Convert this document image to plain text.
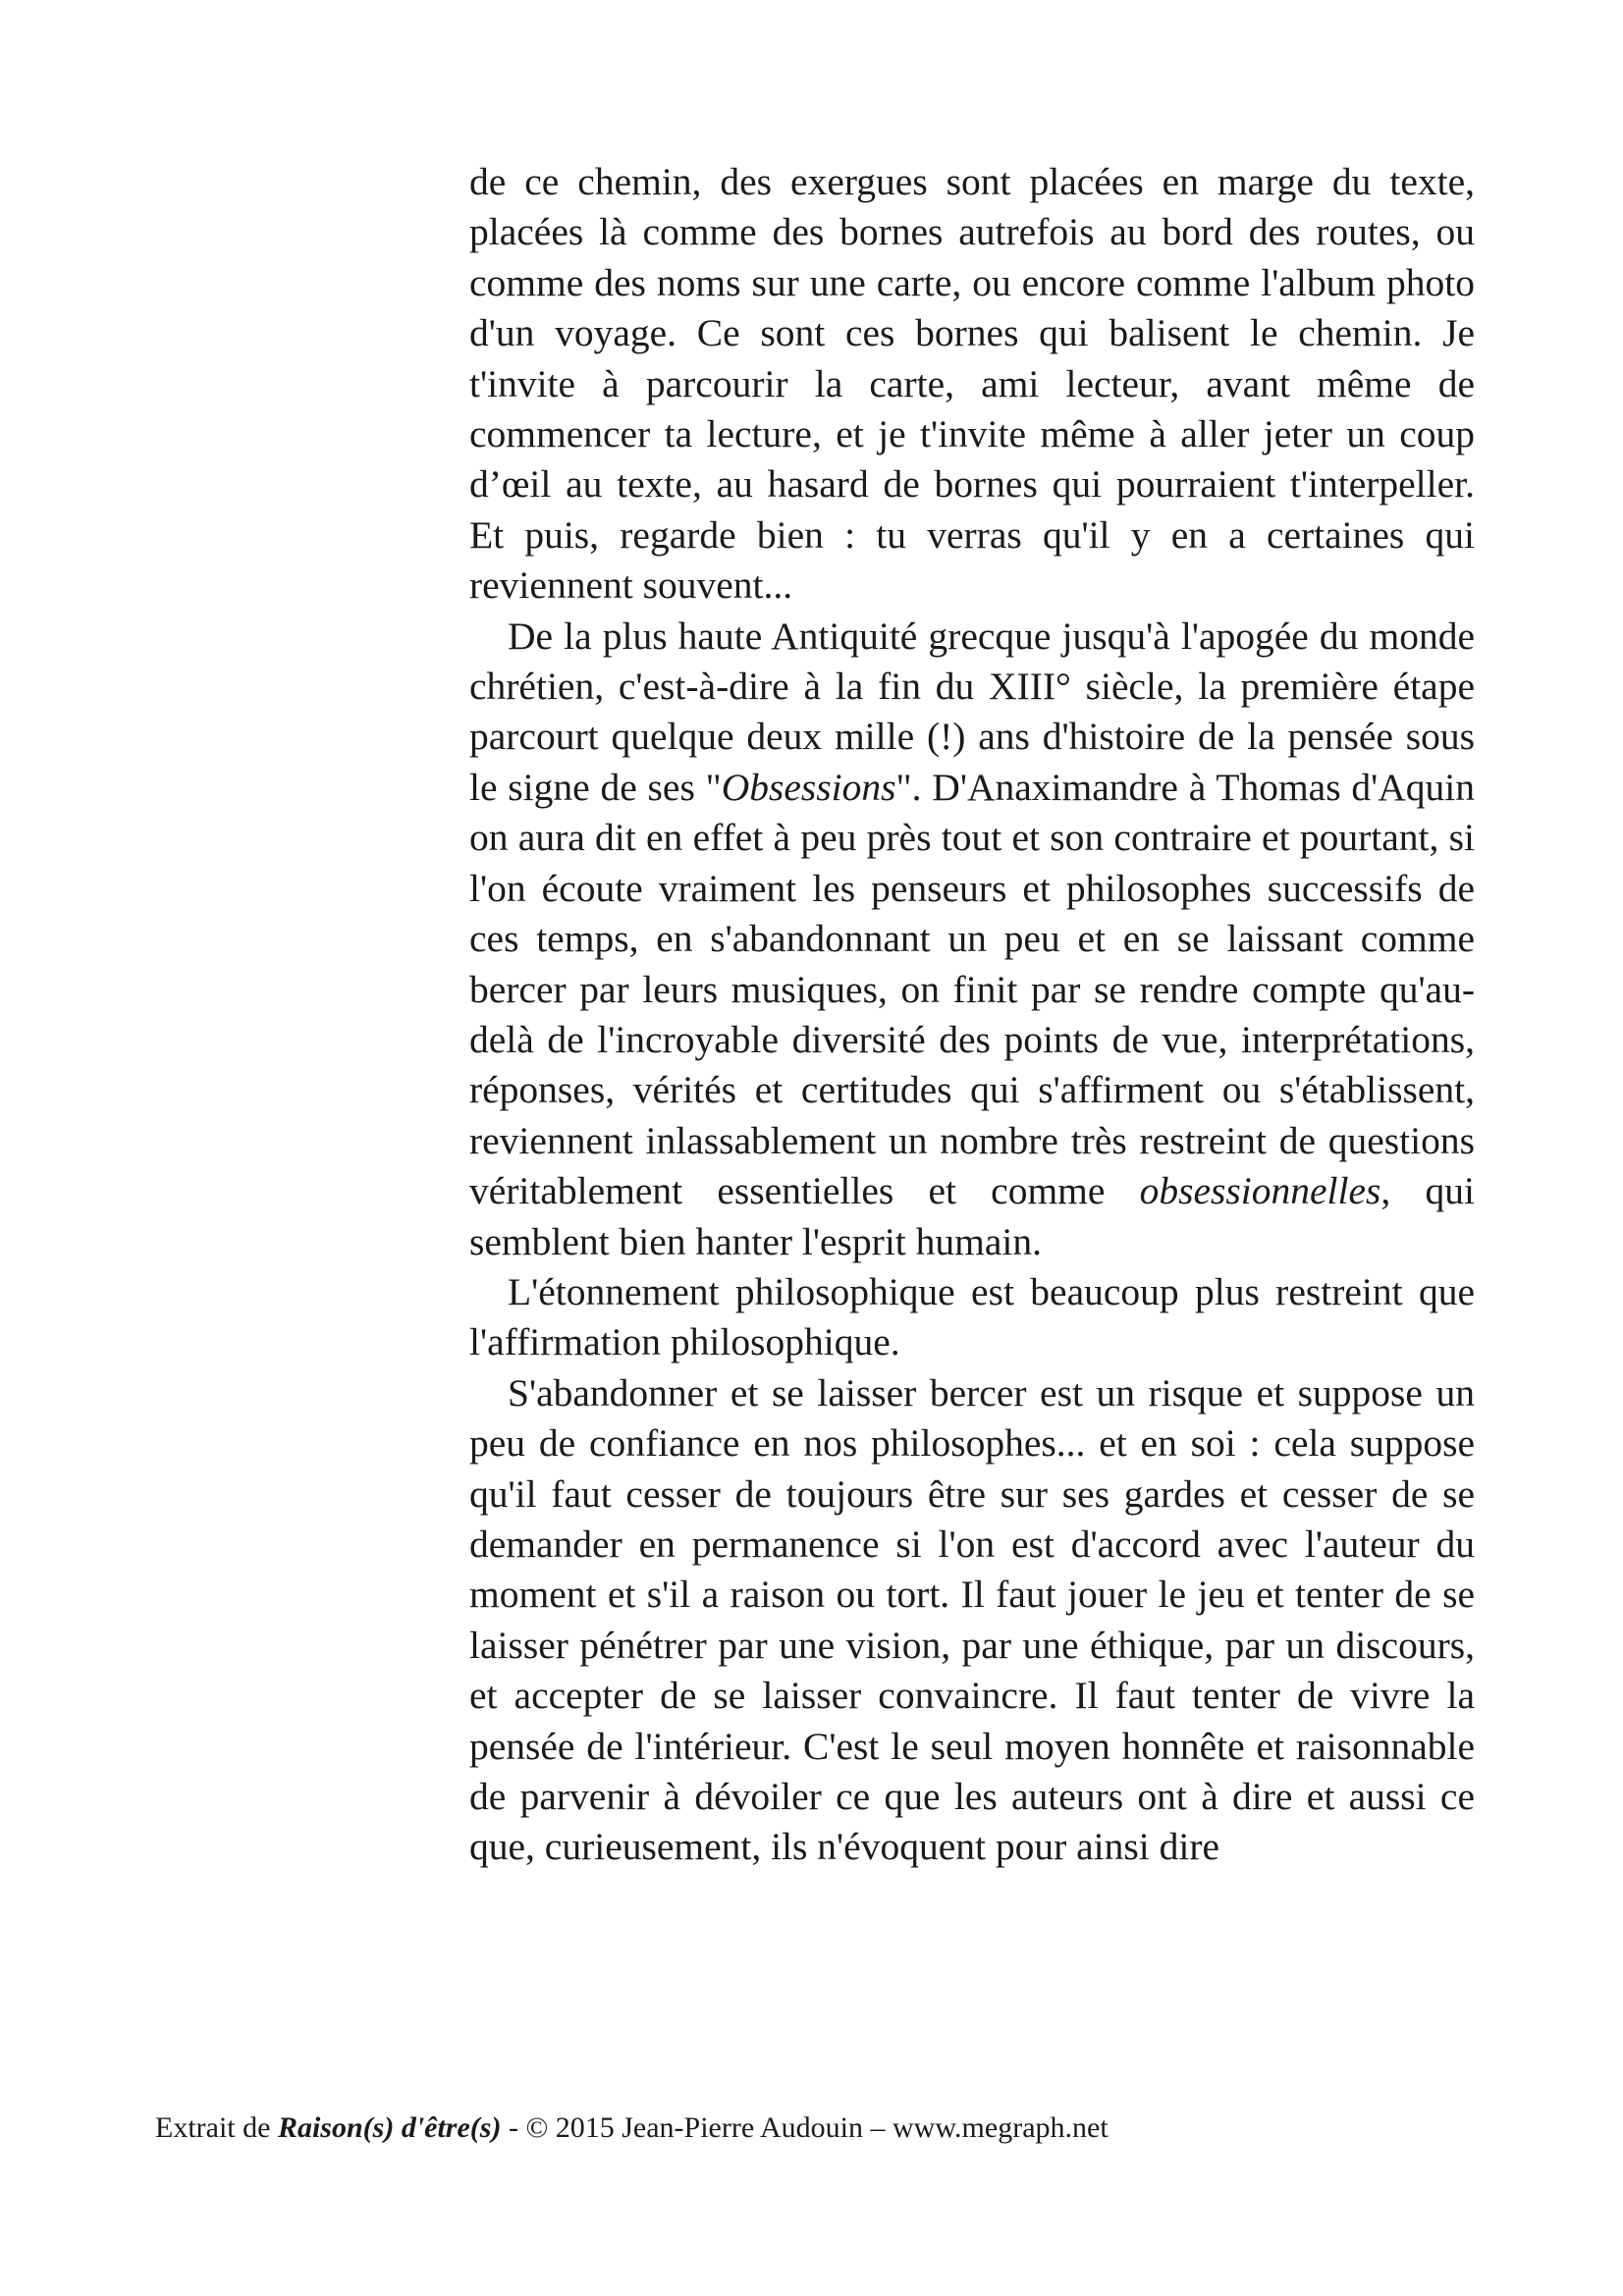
de ce chemin, des exergues sont placées en marge du texte, placées là comme des bornes autrefois au bord des routes, ou comme des noms sur une carte, ou encore comme l'album photo d'un voyage. Ce sont ces bornes qui balisent le chemin. Je t'invite à parcourir la carte, ami lecteur, avant même de commencer ta lecture, et je t'invite même à aller jeter un coup d’œil au texte, au hasard de bornes qui pourraient t'interpeller. Et puis, regarde bien : tu verras qu'il y en a certaines qui reviennent souvent...

De la plus haute Antiquité grecque jusqu'à l'apogée du monde chrétien, c'est-à-dire à la fin du XIII° siècle, la première étape parcourt quelque deux mille (!) ans d'histoire de la pensée sous le signe de ses "Obsessions". D'Anaximandre à Thomas d'Aquin on aura dit en effet à peu près tout et son contraire et pourtant, si l'on écoute vraiment les penseurs et philosophes successifs de ces temps, en s'abandonnant un peu et en se laissant comme bercer par leurs musiques, on finit par se rendre compte qu'au-delà de l'incroyable diversité des points de vue, interprétations, réponses, vérités et certitudes qui s'affirment ou s'établissent, reviennent inlassablement un nombre très restreint de questions véritablement essentielles et comme obsessionnelles, qui semblent bien hanter l'esprit humain.

L'étonnement philosophique est beaucoup plus restreint que l'affirmation philosophique.

S'abandonner et se laisser bercer est un risque et suppose un peu de confiance en nos philosophes... et en soi : cela suppose qu'il faut cesser de toujours être sur ses gardes et cesser de se demander en permanence si l'on est d'accord avec l'auteur du moment et s'il a raison ou tort. Il faut jouer le jeu et tenter de se laisser pénétrer par une vision, par une éthique, par un discours, et accepter de se laisser convaincre. Il faut tenter de vivre la pensée de l'intérieur. C'est le seul moyen honnête et raisonnable de parvenir à dévoiler ce que les auteurs ont à dire et aussi ce que, curieusement, ils n'évoquent pour ainsi dire

Extrait de Raison(s) d'être(s) - © 2015 Jean-Pierre Audouin – www.megraph.net
